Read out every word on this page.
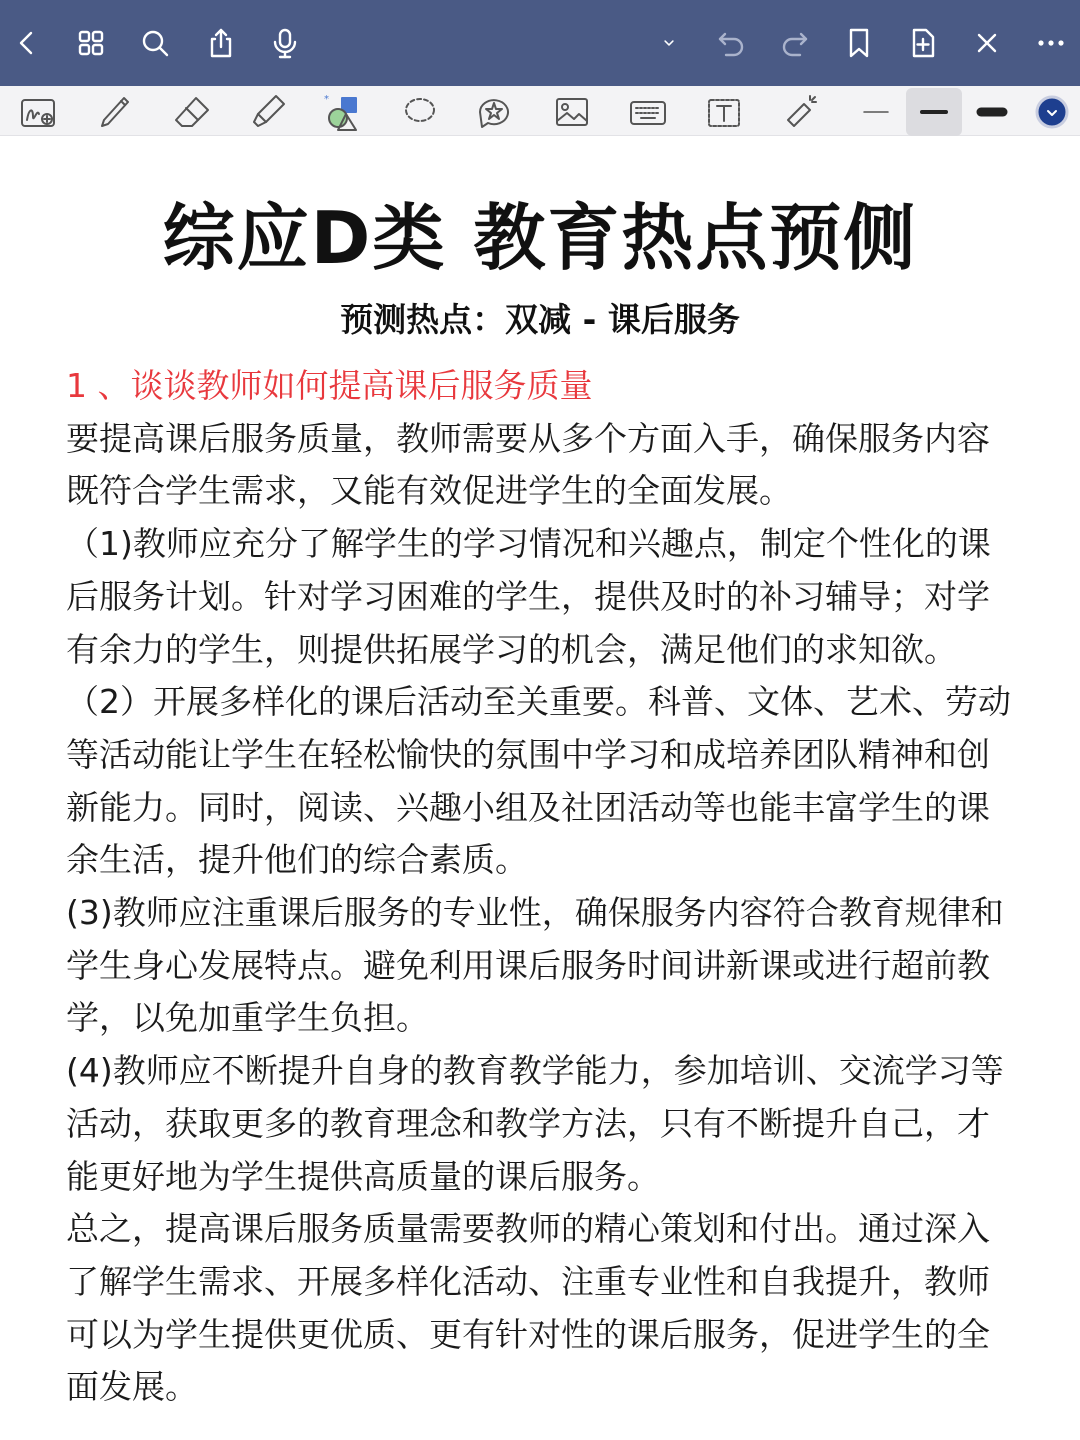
*
综应D类 教育热点预侧
预测热点：双减 - 课后服务

1 、谈谈教师如何提高课后服务质量

要提高课后服务质量，教师需要从多个方面入手，确保服务内容既符合学生需求，又能有效促进学生的全面发展。

（1)教师应充分了解学生的学习情况和兴趣点，制定个性化的课后服务计划。针对学习困难的学生，提供及时的补习辅导；对学有余力的学生，则提供拓展学习的机会，满足他们的求知欲。

（2）开展多样化的课后活动至关重要。科普、文体、艺术、劳动等活动能让学生在轻松愉快的氛围中学习和成培养团队精神和创新能力。同时，阅读、兴趣小组及社团活动等也能丰富学生的课余生活，提升他们的综合素质。

(3)教师应注重课后服务的专业性，确保服务内容符合教育规律和学生身心发展特点。避免利用课后服务时间讲新课或进行超前教学，以免加重学生负担。

(4)教师应不断提升自身的教育教学能力，参加培训、交流学习等活动，获取更多的教育理念和教学方法，只有不断提升自己，才能更好地为学生提供高质量的课后服务。

总之，提高课后服务质量需要教师的精心策划和付出。通过深入了解学生需求、开展多样化活动、注重专业性和自我提升，教师可以为学生提供更优质、更有针对性的课后服务，促进学生的全面发展。
